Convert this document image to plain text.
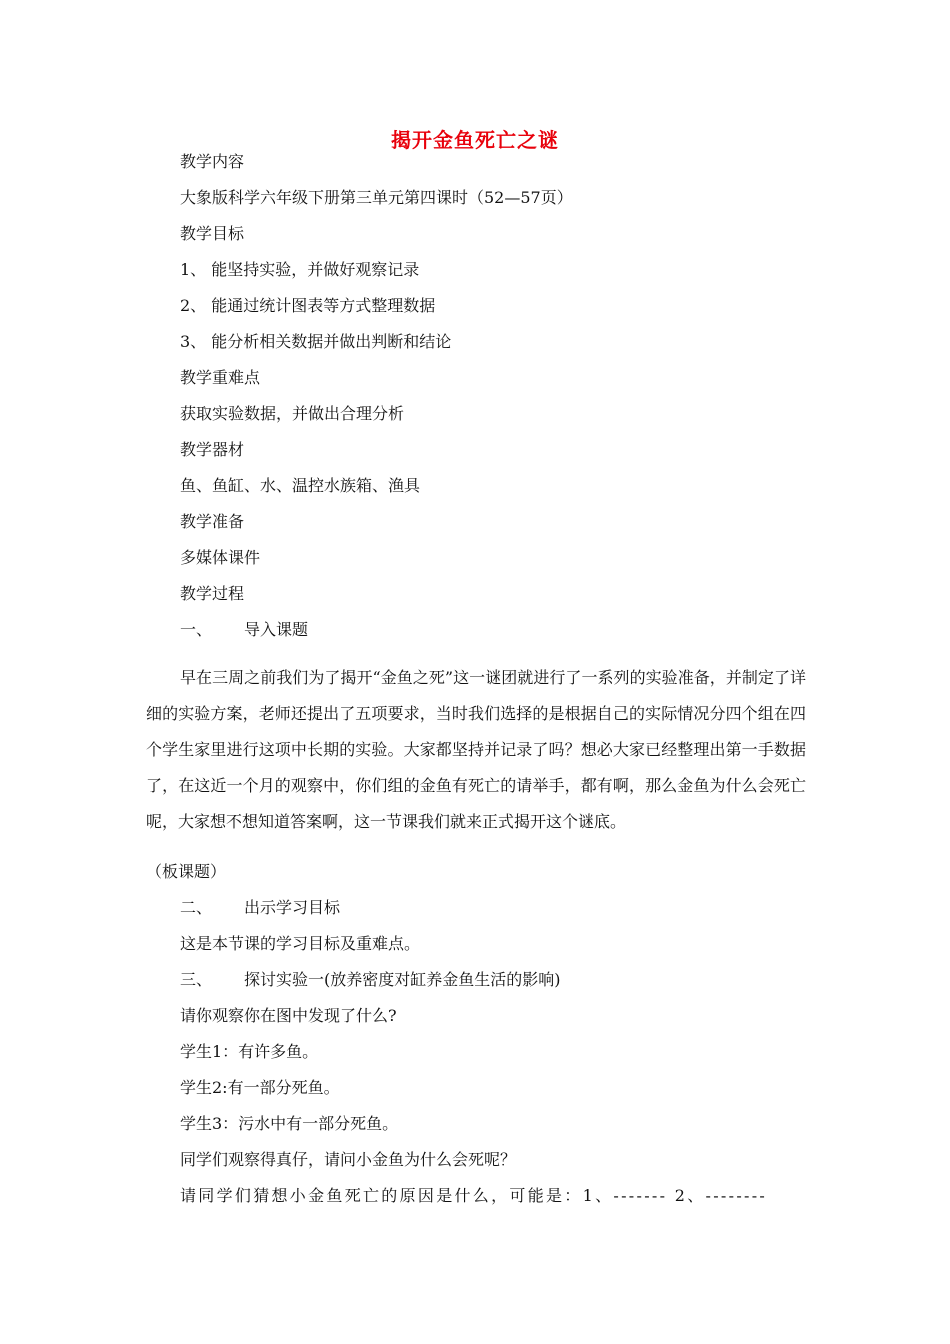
揭开金鱼死亡之谜
教学内容
大象版科学六年级下册第三单元第四课时（52—57页）
教学目标
1、 能坚持实验，并做好观察记录
2、 能通过统计图表等方式整理数据
3、 能分析相关数据并做出判断和结论
教学重难点
获取实验数据，并做出合理分析
教学器材
鱼、鱼缸、水、温控水族箱、渔具
教学准备
多媒体课件
教学过程
一、 导入课题
早在三周之前我们为了揭开“金鱼之死”这一谜团就进行了一系列的实验准备，并制定了详细的实验方案，老师还提出了五项要求，当时我们选择的是根据自己的实际情况分四个组在四个学生家里进行这项中长期的实验。大家都坚持并记录了吗？想必大家已经整理出第一手数据了，在这近一个月的观察中，你们组的金鱼有死亡的请举手，都有啊，那么金鱼为什么会死亡呢，大家想不想知道答案啊，这一节课我们就来正式揭开这个谜底。
（板课题）
二、 出示学习目标
这是本节课的学习目标及重难点。
三、 探讨实验一(放养密度对缸养金鱼生活的影响)
请你观察你在图中发现了什么?
学生1：有许多鱼。
学生2:有一部分死鱼。
学生3：污水中有一部分死鱼。
同学们观察得真仔，请问小金鱼为什么会死呢？
请同学们猜想小金鱼死亡的原因是什么，可能是：1、------- 2、--------
